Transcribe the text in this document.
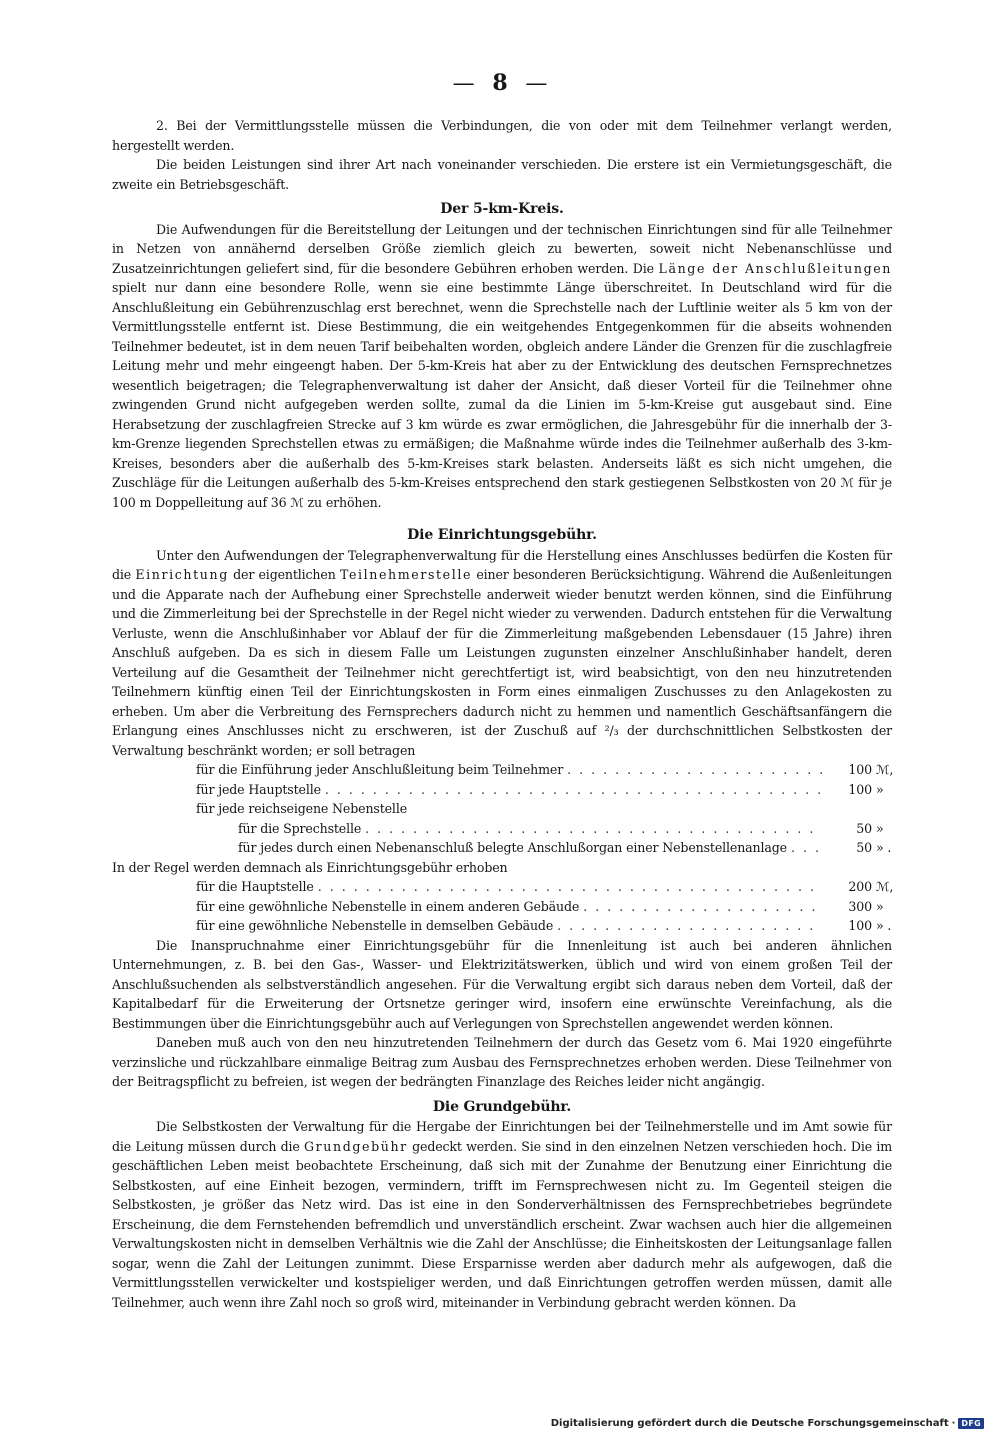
— 8 —

2. Bei der Vermittlungsstelle müssen die Verbindungen, die von oder mit dem Teilnehmer verlangt werden, hergestellt werden.

Die beiden Leistungen sind ihrer Art nach voneinander verschieden. Die erstere ist ein Vermietungsgeschäft, die zweite ein Betriebsgeschäft.

Der 5-km-Kreis.

Die Aufwendungen für die Bereitstellung der Leitungen und der technischen Einrichtungen sind für alle Teilnehmer in Netzen von annähernd derselben Größe ziemlich gleich zu bewerten, soweit nicht Nebenanschlüsse und Zusatzeinrichtungen geliefert sind, für die besondere Gebühren erhoben werden. Die Länge der Anschlußleitungen spielt nur dann eine besondere Rolle, wenn sie eine bestimmte Länge überschreitet. In Deutschland wird für die Anschlußleitung ein Gebührenzuschlag erst berechnet, wenn die Sprechstelle nach der Luftlinie weiter als 5 km von der Vermittlungsstelle entfernt ist. Diese Bestimmung, die ein weitgehendes Entgegenkommen für die abseits wohnenden Teilnehmer bedeutet, ist in dem neuen Tarif beibehalten worden, obgleich andere Länder die Grenzen für die zuschlagfreie Leitung mehr und mehr eingeengt haben. Der 5-km-Kreis hat aber zu der Entwicklung des deutschen Fernsprechnetzes wesentlich beigetragen; die Telegraphenverwaltung ist daher der Ansicht, daß dieser Vorteil für die Teilnehmer ohne zwingenden Grund nicht aufgegeben werden sollte, zumal da die Linien im 5-km-Kreise gut ausgebaut sind. Eine Herabsetzung der zuschlagfreien Strecke auf 3 km würde es zwar ermöglichen, die Jahresgebühr für die innerhalb der 3-km-Grenze liegenden Sprechstellen etwas zu ermäßigen; die Maßnahme würde indes die Teilnehmer außerhalb des 3-km-Kreises, besonders aber die außerhalb des 5-km-Kreises stark belasten. Anderseits läßt es sich nicht umgehen, die Zuschläge für die Leitungen außerhalb des 5-km-Kreises entsprechend den stark gestiegenen Selbstkosten von 20 ℳ für je 100 m Doppelleitung auf 36 ℳ zu erhöhen.

Die Einrichtungsgebühr.

Unter den Aufwendungen der Telegraphenverwaltung für die Herstellung eines Anschlusses bedürfen die Kosten für die Einrichtung der eigentlichen Teilnehmerstelle einer besonderen Berücksichtigung. Während die Außenleitungen und die Apparate nach der Aufhebung einer Sprechstelle anderweit wieder benutzt werden können, sind die Einführung und die Zimmerleitung bei der Sprechstelle in der Regel nicht wieder zu verwenden. Dadurch entstehen für die Verwaltung Verluste, wenn die Anschlußinhaber vor Ablauf der für die Zimmerleitung maßgebenden Lebensdauer (15 Jahre) ihren Anschluß aufgeben. Da es sich in diesem Falle um Leistungen zugunsten einzelner Anschlußinhaber handelt, deren Verteilung auf die Gesamtheit der Teilnehmer nicht gerechtfertigt ist, wird beabsichtigt, von den neu hinzutretenden Teilnehmern künftig einen Teil der Einrichtungskosten in Form eines einmaligen Zuschusses zu den Anlagekosten zu erheben. Um aber die Verbreitung des Fernsprechers dadurch nicht zu hemmen und namentlich Geschäftsanfängern die Erlangung eines Anschlusses nicht zu erschweren, ist der Zuschuß auf ²/₃ der durchschnittlichen Selbstkosten der Verwaltung beschränkt worden; er soll betragen

für die Einführung jeder Anschlußleitung beim Teilnehmer . . .	100 ℳ,
für jede Hauptstelle . . .	100 »
für jede reichseigene Nebenstelle
für die Sprechstelle . . .	50 »
für jedes durch einen Nebenanschluß belegte Anschlußorgan einer Nebenstellenanlage . . .	50 » .
In der Regel werden demnach als Einrichtungsgebühr erhoben
für die Hauptstelle . . .	200 ℳ,
für eine gewöhnliche Nebenstelle in einem anderen Gebäude . . .	300 »
für eine gewöhnliche Nebenstelle in demselben Gebäude . . .	100 » .

Die Inanspruchnahme einer Einrichtungsgebühr für die Innenleitung ist auch bei anderen ähnlichen Unternehmungen, z. B. bei den Gas-, Wasser- und Elektrizitätswerken, üblich und wird von einem großen Teil der Anschlußsuchenden als selbstverständlich angesehen. Für die Verwaltung ergibt sich daraus neben dem Vorteil, daß der Kapitalbedarf für die Erweiterung der Ortsnetze geringer wird, insofern eine erwünschte Vereinfachung, als die Bestimmungen über die Einrichtungsgebühr auch auf Verlegungen von Sprechstellen angewendet werden können.

Daneben muß auch von den neu hinzutretenden Teilnehmern der durch das Gesetz vom 6. Mai 1920 eingeführte verzinsliche und rückzahlbare einmalige Beitrag zum Ausbau des Fernsprechnetzes erhoben werden. Diese Teilnehmer von der Beitragspflicht zu befreien, ist wegen der bedrängten Finanzlage des Reiches leider nicht angängig.

Die Grundgebühr.

Die Selbstkosten der Verwaltung für die Hergabe der Einrichtungen bei der Teilnehmerstelle und im Amt sowie für die Leitung müssen durch die Grundgebühr gedeckt werden. Sie sind in den einzelnen Netzen verschieden hoch. Die im geschäftlichen Leben meist beobachtete Erscheinung, daß sich mit der Zunahme der Benutzung einer Einrichtung die Selbstkosten, auf eine Einheit bezogen, vermindern, trifft im Fernsprechwesen nicht zu. Im Gegenteil steigen die Selbstkosten, je größer das Netz wird. Das ist eine in den Sonderverhältnissen des Fernsprechbetriebes begründete Erscheinung, die dem Fernstehenden befremdlich und unverständlich erscheint. Zwar wachsen auch hier die allgemeinen Verwaltungskosten nicht in demselben Verhältnis wie die Zahl der Anschlüsse; die Einheitskosten der Leitungsanlage fallen sogar, wenn die Zahl der Leitungen zunimmt. Diese Ersparnisse werden aber dadurch mehr als aufgewogen, daß die Vermittlungsstellen verwickelter und kostspieliger werden, und daß Einrichtungen getroffen werden müssen, damit alle Teilnehmer, auch wenn ihre Zahl noch so groß wird, miteinander in Verbindung gebracht werden können. Da

Digitalisierung gefördert durch die Deutsche Forschungsgemeinschaft · DFG
